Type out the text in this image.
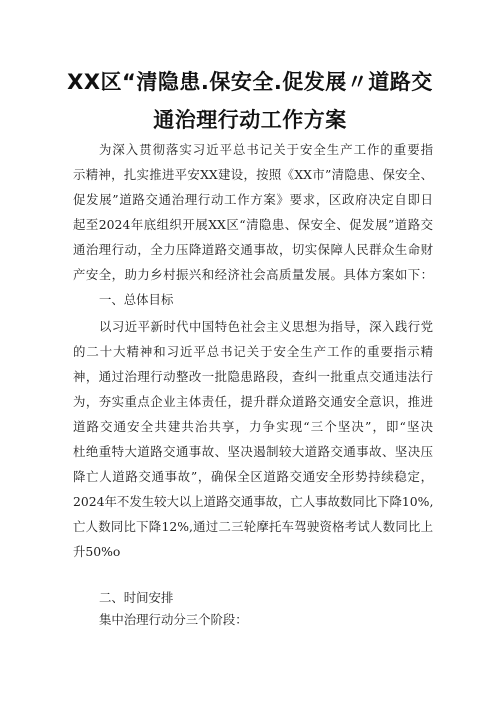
XX区“清隐患.保安全.促发展〃道路交
通治理行动工作方案
为深入贯彻落实习近平总书记关于安全生产工作的重要指
示精神，扎实推进平安XX建设，按照《XX市”清隐患、保安全、
促发展”道路交通治理行动工作方案》要求，区政府决定自即日
起至2024年底组织开展XX区“清隐患、保安全、促发展”道路交
通治理行动，全力压降道路交通事故，切实保障人民群众生命财
产安全，助力乡村振兴和经济社会高质量发展。具体方案如下：
一、总体目标
以习近平新时代中国特色社会主义思想为指导，深入践行党
的二十大精神和习近平总书记关于安全生产工作的重要指示精
神，通过治理行动整改一批隐患路段，查纠一批重点交通违法行
为，夯实重点企业主体责任，提升群众道路交通安全意识，推进
道路交通安全共建共治共享，力争实现“三个坚决”，即“坚决
杜绝重特大道路交通事故、坚决遏制较大道路交通事故、坚决压
降亡人道路交通事故”，确保全区道路交通安全形势持续稳定，
2024年不发生较大以上道路交通事故，亡人事故数同比下降10%,
亡人数同比下降12%,通过二三轮摩托车驾驶资格考试人数同比上
升50%o
二、时间安排
集中治理行动分三个阶段：
